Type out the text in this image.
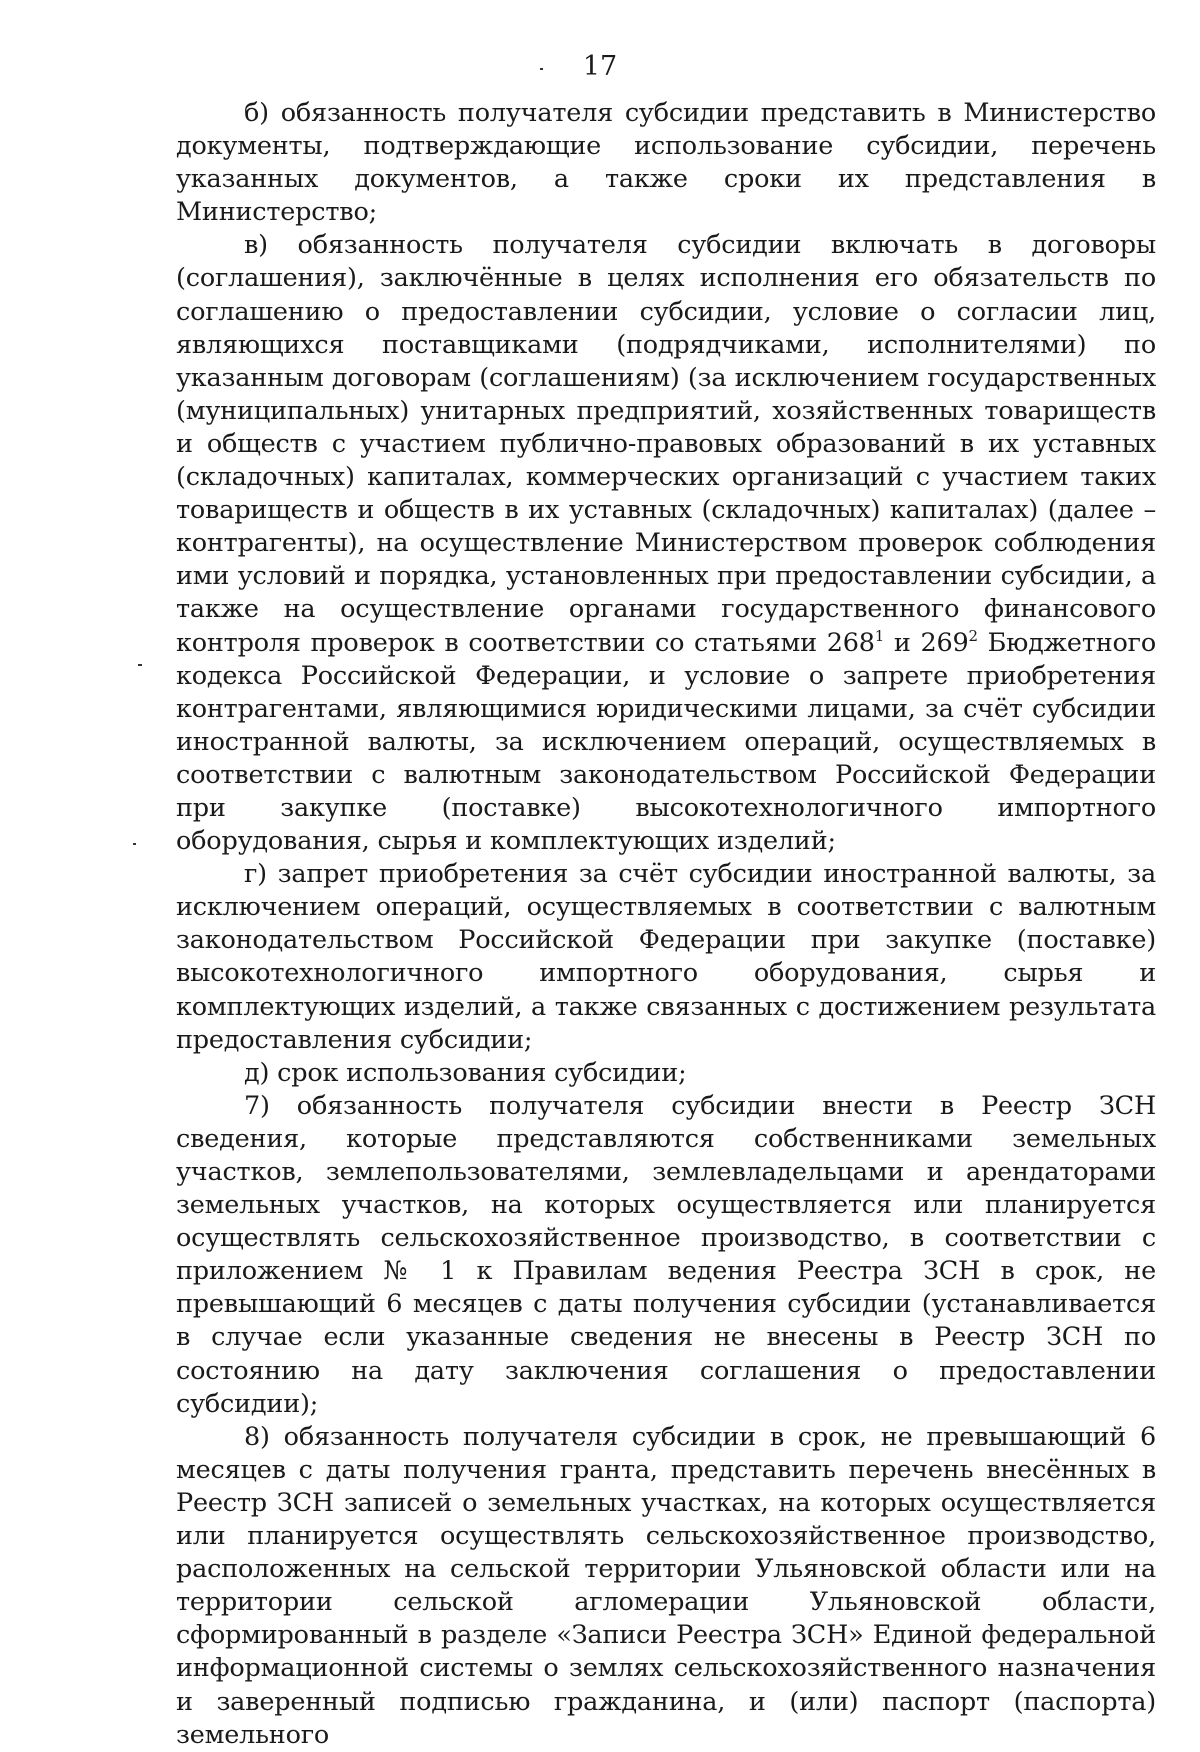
17

б) обязанность получателя субсидии представить в Министерство документы, подтверждающие использование субсидии, перечень указанных документов, а также сроки их представления в Министерство;

в) обязанность получателя субсидии включать в договоры (соглашения), заключённые в целях исполнения его обязательств по соглашению о предоставлении субсидии, условие о согласии лиц, являющихся поставщиками (подрядчиками, исполнителями) по указанным договорам (соглашениям) (за исключением государственных (муниципальных) унитарных предприятий, хозяйственных товариществ и обществ с участием публично-правовых образований в их уставных (складочных) капиталах, коммерческих организаций с участием таких товариществ и обществ в их уставных (складочных) капиталах) (далее – контрагенты), на осуществление Министерством проверок соблюдения ими условий и порядка, установленных при предоставлении субсидии, а также на осуществление органами государственного финансового контроля проверок в соответствии со статьями $268^1$ и $269^2$ Бюджетного кодекса Российской Федерации, и условие о запрете приобретения контрагентами, являющимися юридическими лицами, за счёт субсидии иностранной валюты, за исключением операций, осуществляемых в соответствии с валютным законодательством Российской Федерации при закупке (поставке) высокотехнологичного импортного оборудования, сырья и комплектующих изделий;

г) запрет приобретения за счёт субсидии иностранной валюты, за исключением операций, осуществляемых в соответствии с валютным законодательством Российской Федерации при закупке (поставке) высокотехнологичного импортного оборудования, сырья и комплектующих изделий, а также связанных с достижением результата предоставления субсидии;

д) срок использования субсидии;

7) обязанность получателя субсидии внести в Реестр ЗСН сведения, которые представляются собственниками земельных участков, землепользователями, землевладельцами и арендаторами земельных участков, на которых осуществляется или планируется осуществлять сельскохозяйственное производство, в соответствии с приложением № 1 к Правилам ведения Реестра ЗСН в срок, не превышающий 6 месяцев с даты получения субсидии (устанавливается в случае если указанные сведения не внесены в Реестр ЗСН по состоянию на дату заключения соглашения о предоставлении субсидии);

8) обязанность получателя субсидии в срок, не превышающий 6 месяцев с даты получения гранта, представить перечень внесённых в Реестр ЗСН записей о земельных участках, на которых осуществляется или планируется осуществлять сельскохозяйственное производство, расположенных на сельской территории Ульяновской области или на территории сельской агломерации Ульяновской области, сформированный в разделе «Записи Реестра ЗСН» Единой федеральной информационной системы о землях сельскохозяйственного назначения и заверенный подписью гражданина, и (или) паспорт (паспорта) земельного
